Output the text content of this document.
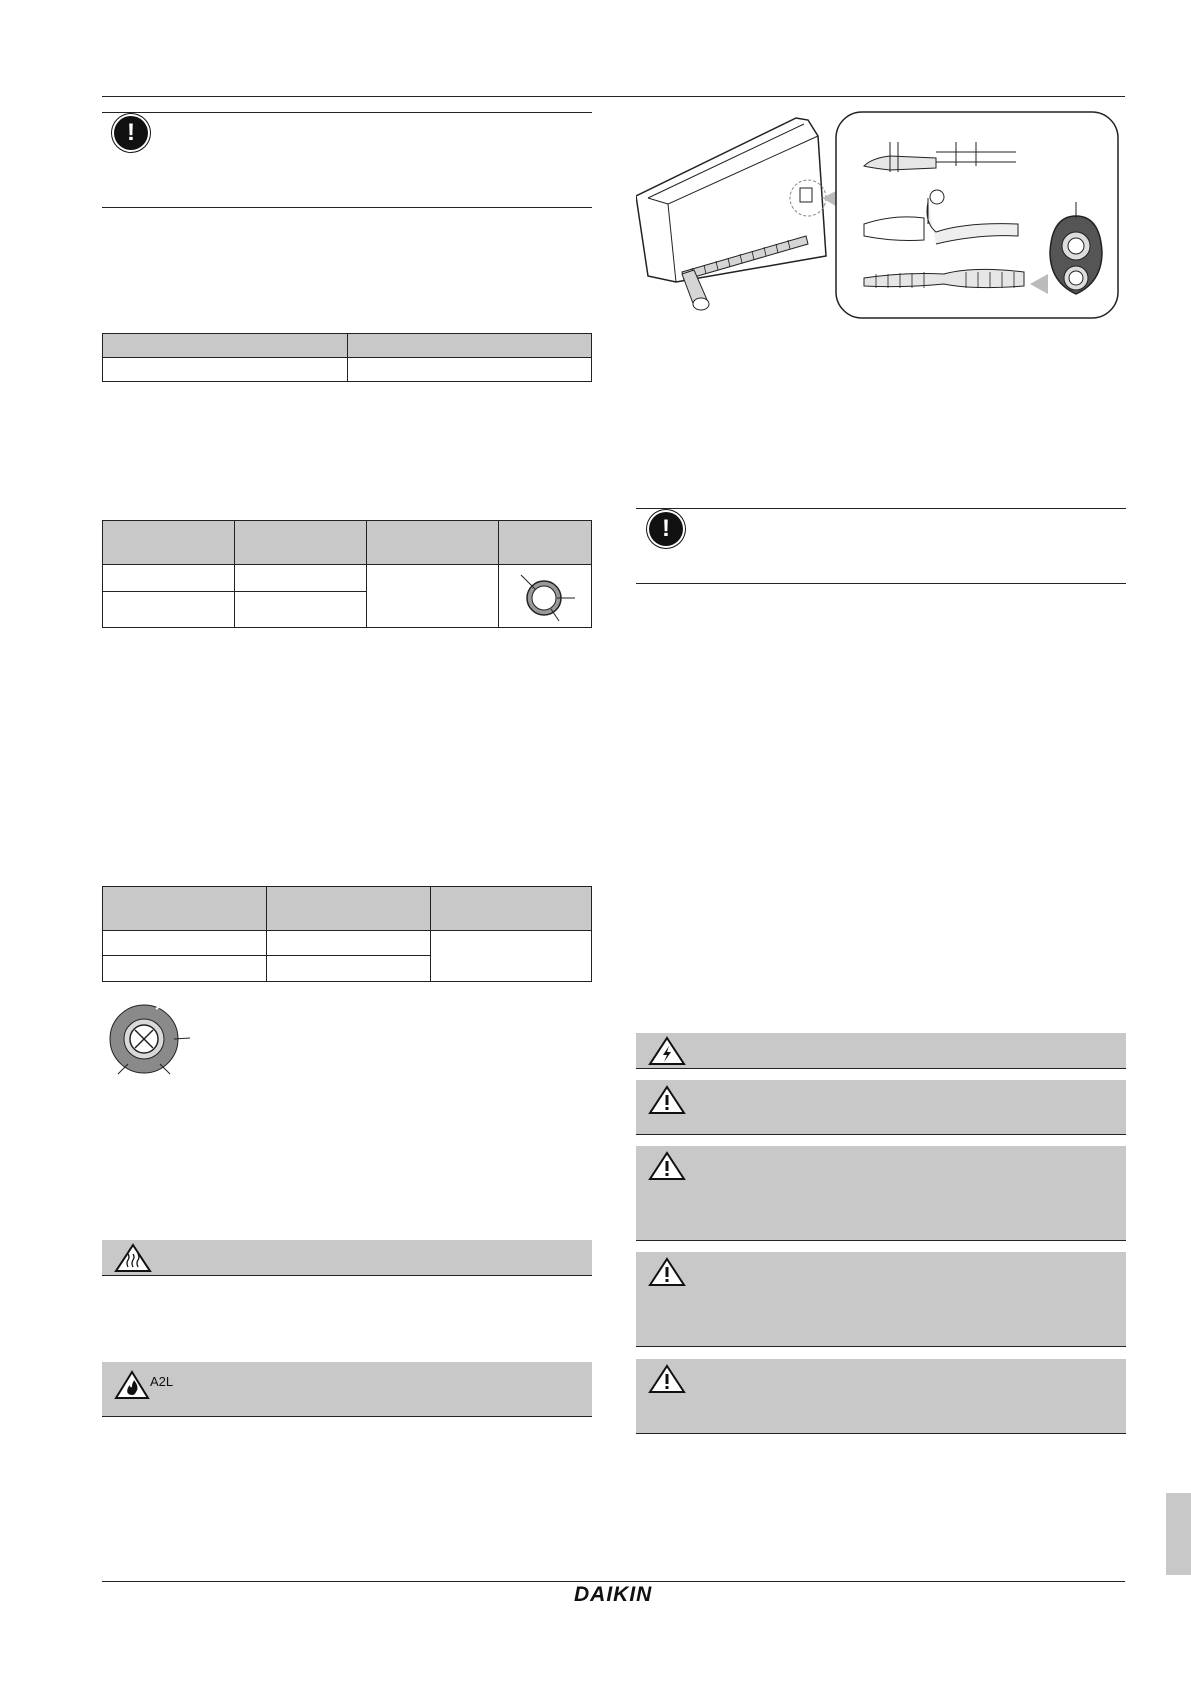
!

A2L
!
DAIKIN
